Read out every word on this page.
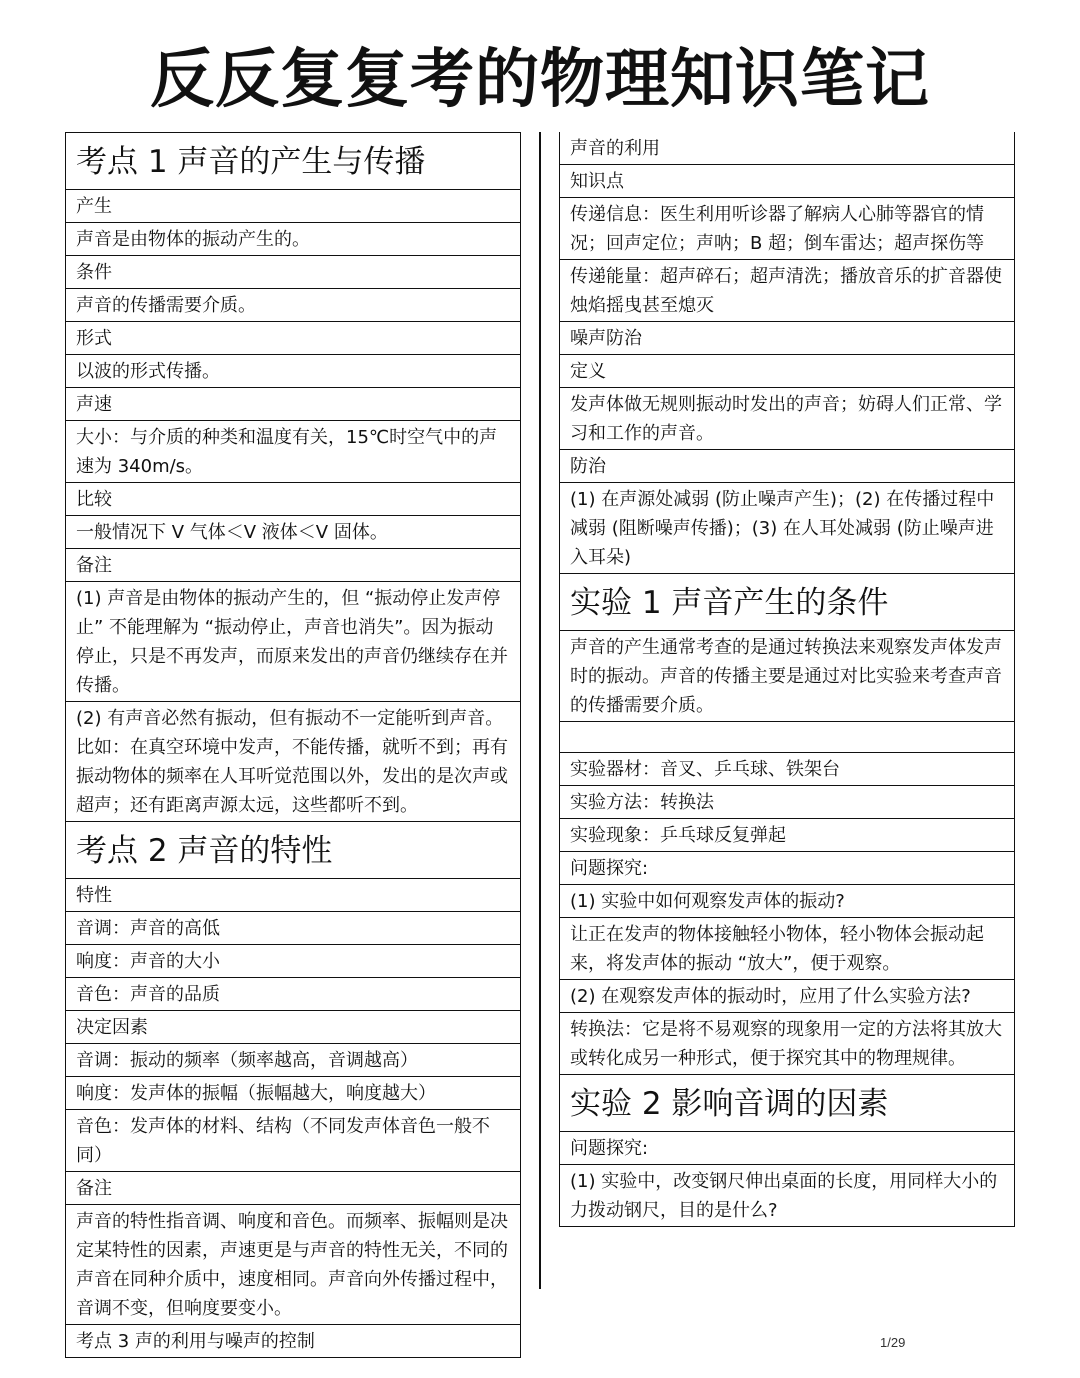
反反复复考的物理知识笔记
考点 1 声音的产生与传播
产生
声音是由物体的振动产生的。
条件
声音的传播需要介质。
形式
以波的形式传播。
声速
大小：与介质的种类和温度有关，15℃时空气中的声速为 340m/s。
比较
一般情况下 V 气体＜V 液体＜V 固体。
备注
(1) 声音是由物体的振动产生的，但 “振动停止发声停止” 不能理解为 “振动停止，声音也消失”。因为振动停止，只是不再发声，而原来发出的声音仍继续存在并传播。
(2) 有声音必然有振动，但有振动不一定能听到声音。比如：在真空环境中发声，不能传播，就听不到；再有振动物体的频率在人耳听觉范围以外，发出的是次声或超声；还有距离声源太远，这些都听不到。
考点 2 声音的特性
特性
音调：声音的高低
响度：声音的大小
音色：声音的品质
决定因素
音调：振动的频率（频率越高，音调越高）
响度：发声体的振幅（振幅越大，响度越大）
音色：发声体的材料、结构（不同发声体音色一般不同）
备注
声音的特性指音调、响度和音色。而频率、振幅则是决定某特性的因素，声速更是与声音的特性无关，不同的声音在同种介质中，速度相同。声音向外传播过程中，音调不变，但响度要变小。
考点 3 声的利用与噪声的控制
声音的利用
知识点
传递信息：医生利用听诊器了解病人心肺等器官的情况；回声定位；声呐；B 超；倒车雷达；超声探伤等
传递能量：超声碎石；超声清洗；播放音乐的扩音器使烛焰摇曳甚至熄灭
噪声防治
定义
发声体做无规则振动时发出的声音；妨碍人们正常、学习和工作的声音。
防治
(1) 在声源处减弱 (防止噪声产生)；(2) 在传播过程中减弱 (阻断噪声传播)；(3) 在人耳处减弱 (防止噪声进入耳朵)
实验 1 声音产生的条件
声音的产生通常考查的是通过转换法来观察发声体发声时的振动。声音的传播主要是通过对比实验来考查声音的传播需要介质。
实验器材：音叉、乒乓球、铁架台
实验方法：转换法
实验现象：乒乓球反复弹起
问题探究:
(1) 实验中如何观察发声体的振动?
让正在发声的物体接触轻小物体，轻小物体会振动起来，将发声体的振动 “放大”，便于观察。
(2) 在观察发声体的振动时，应用了什么实验方法?
转换法：它是将不易观察的现象用一定的方法将其放大或转化成另一种形式，便于探究其中的物理规律。
实验 2 影响音调的因素
问题探究:
(1) 实验中，改变钢尺伸出桌面的长度，用同样大小的力拨动钢尺，目的是什么?
1/29
